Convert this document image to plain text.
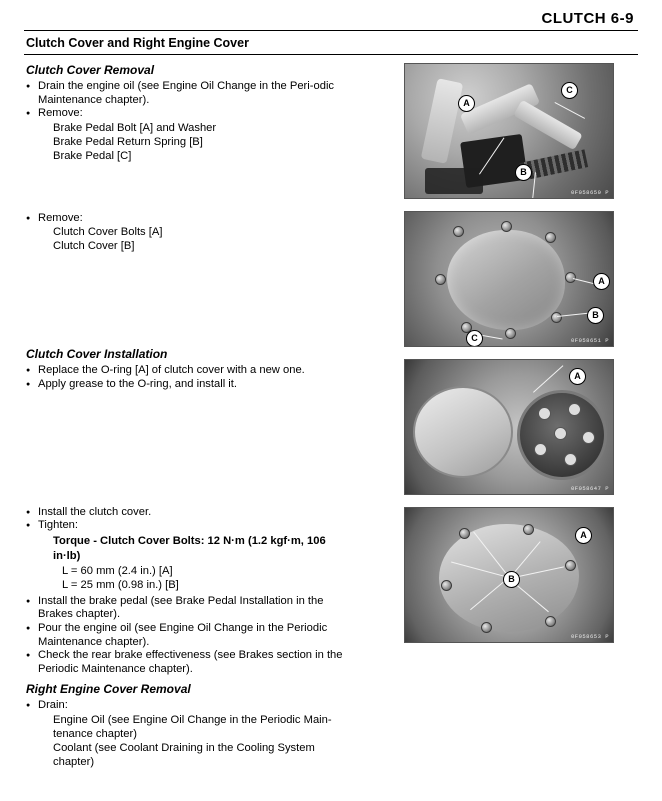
CLUTCH 6-9
Clutch Cover and Right Engine Cover
Clutch Cover Removal
● Drain the engine oil (see Engine Oil Change in the Peri-odic Maintenance chapter).
● Remove:
Brake Pedal Bolt [A] and Washer
Brake Pedal Return Spring [B]
Brake Pedal [C]
● Remove:
Clutch Cover Bolts [A]
Clutch Cover [B]
Clutch Cover Installation
● Replace the O-ring [A] of clutch cover with a new one.
● Apply grease to the O-ring, and install it.
● Install the clutch cover.
● Tighten:
Torque - Clutch Cover Bolts: 12 N·m (1.2 kgf·m, 106 in·lb)
L = 60 mm (2.4 in.) [A]
L = 25 mm (0.98 in.) [B]
● Install the brake pedal (see Brake Pedal Installation in the Brakes chapter).
● Pour the engine oil (see Engine Oil Change in the Periodic Maintenance chapter).
● Check the rear brake effectiveness (see Brakes section in the Periodic Maintenance chapter).
Right Engine Cover Removal
● Drain:
Engine Oil (see Engine Oil Change in the Periodic Main-tenance chapter)
Coolant (see Coolant Draining in the Cooling System chapter)
A
B
C
0F058650 P
A
B
C	0F058651 P
A
0F058647 P
A
B
0F058653 P
